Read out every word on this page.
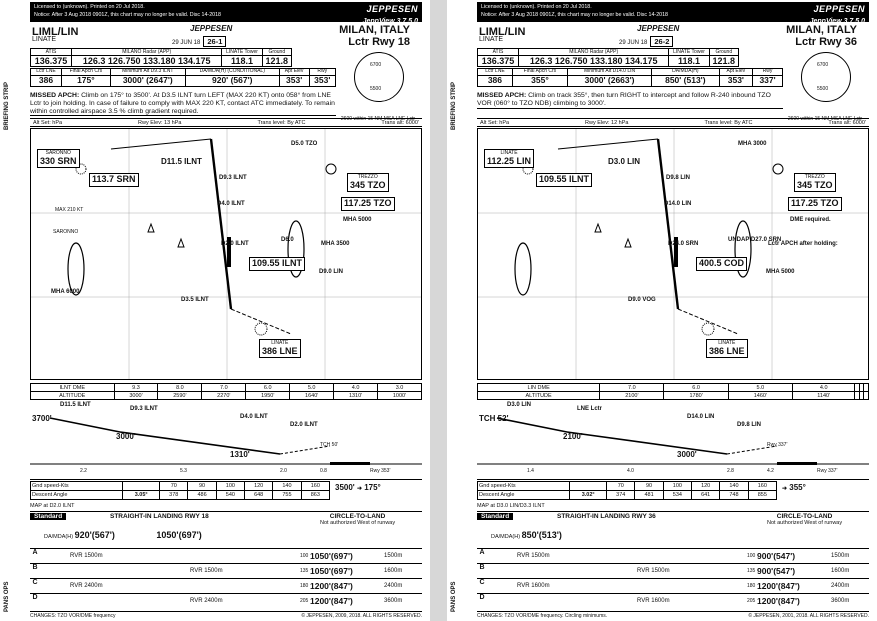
Licensed to (unknown). Printed on 20 Jul 2018.
Notice: After 3 Aug 2018 0901Z, this chart may no longer be valid. Disc 14-2018
JEPPESEN
JeppView 3.7.5.0
LIML/LIN
LINATE
JEPPESEN
29 JUN 18 26-1
MILAN, ITALY
Lctr Rwy 18
ATIS	MILANO Radar (APP)	LINATE Tower	Ground
136.375	126.3 126.750 133.180 134.175	118.1	121.8
Lctr LNE	Final Apch Crs	Minimum Alt D9.3 ILNT	DA/MDA(H) (CONDITIONAL)	Apt Elev	Rwy
386	175°	3000' (2647')	920' (567')	353'	353'
6700
5500
2600 within 15 NM MSA LNE Lctr
MISSED APCH: Climb on 175° to 3500'. At D3.5 ILNT turn LEFT (MAX 220 KT) onto 058° from LNE Lctr to join holding. In case of failure to comply with MAX 220 KT, contact ATC immediately. To remain within controlled airspace 3.5 % climb gradient required.
Alt Set: hPa	Rwy Elev: 13 hPa	Trans level: By ATC	Trans alt: 6000'
SARONNO
330 SRN
113.7 SRN	TREZZO
345 TZO
117.25 TZO
109.55 ILNT
LINATE
386 LNE
D11.5 ILNT
D9.3 ILNT
D4.0 ILNT
D2.0 ILNT
D3.5 ILNT
D6.0
D5.0 TZO
D9.0 LIN
MHA 5000
MHA 3500
MHA 6000
SARONNO
MAX 210 KT
ILNT DME	9.3	8.0	7.0	6.0	5.0	4.0	3.0
ALTITUDE	3000'	2590'	2270'	1950'	1640'	1310'	1000'
D11.5 ILNT
D9.3 ILNT
D4.0 ILNT
D2.0 ILNT
3700'
3000'
1310'
TCH 50'
2.2	5.3	2.0	0.8	Rwy 353'
Gnd speed-Kts		70	90	100	120	140	160
Descent Angle	3.05°	378	486	540	648	755	863
3500' ➜ 175°
MAP at D2.0 ILNT
Standard	STRAIGHT-IN LANDING RWY 18	CIRCLE-TO-LAND
Not authorized West of runway
DA/MDA(H) 920'(567')	1050'(697')
A	RVR 1500m	100 1050'(697')	1500m
B	RVR 1500m	135 1050'(697')	1600m
C	RVR 2400m	180 1200'(847')	2400m
D	RVR 2400m	205 1200'(847')	3600m
CHANGES: TZO VOR/DME frequency	© JEPPESEN, 2009, 2018. ALL RIGHTS RESERVED.
Licensed to (unknown). Printed on 20 Jul 2018.
Notice: After 3 Aug 2018 0901Z, this chart may no longer be valid. Disc 14-2018
JEPPESEN
JeppView 3.7.5.0
LIML/LIN
LINATE
JEPPESEN
29 JUN 18 26-2
MILAN, ITALY
Lctr Rwy 36
ATIS	MILANO Radar (APP)	LINATE Tower	Ground
136.375	126.3 126.750 133.180 134.175	118.1	121.8
Lctr LNE	Final Apch Crs	Minimum Alt D14.0 LIN	DA/MDA(H)	Apt Elev	Rwy
386	355°	3000' (2663')	850' (513')	353'	337'
6700
5500
2600 within 15 NM MSA LNE Lctr
MISSED APCH: Climb on track 355°, then turn RIGHT to intercept and follow R-240 inbound TZO VOR (060° to TZO NDB) climbing to 3000'.
Alt Set: hPa	Rwy Elev: 12 hPa	Trans level: By ATC	Trans alt: 6000'
LINATE
112.25 LIN
109.55 ILNT	TREZZO
345 TZO
117.25 TZO
400.5 COD
LINATE
386 LNE
D3.0 LIN
D9.8 LIN
D14.0 LIN
D24.0 SRN
D9.0 VOG
UNDAP D27.0 SRN
MHA 3000
MHA 5000
DME required.
Lctr APCH after holding:
LIN DME	7.0	6.0	5.0	4.0			
ALTITUDE	2100'	1780'	1460'	1140'			
D3.0 LIN
LNE Lctr
D14.0 LIN
D9.8 LIN
TCH 52'
2100'
3000'
Rwy 337'
1.4	4.0	2.8	4.2	Rwy 337'
Gnd speed-Kts		70	90	100	120	140	160
Descent Angle	3.02°	374	481	534	641	748	855
➜ 355°
MAP at D3.0 LIN/D3.3 ILNT
Standard	STRAIGHT-IN LANDING RWY 36	CIRCLE-TO-LAND
Not authorized West of runway
DA/MDA(H) 850'(513')
A	RVR 1500m	100 900'(547')	1500m
B	RVR 1500m	135 900'(547')	1600m
C	RVR 1600m	180 1200'(847')	2400m
D	RVR 1600m	205 1200'(847')	3600m
CHANGES: TZO VOR/DME frequency. Circling minimums.	© JEPPESEN, 2001, 2018. ALL RIGHTS RESERVED.
BRIEFING STRIP
PANS OPS
BRIEFING STRIP
PANS OPS
